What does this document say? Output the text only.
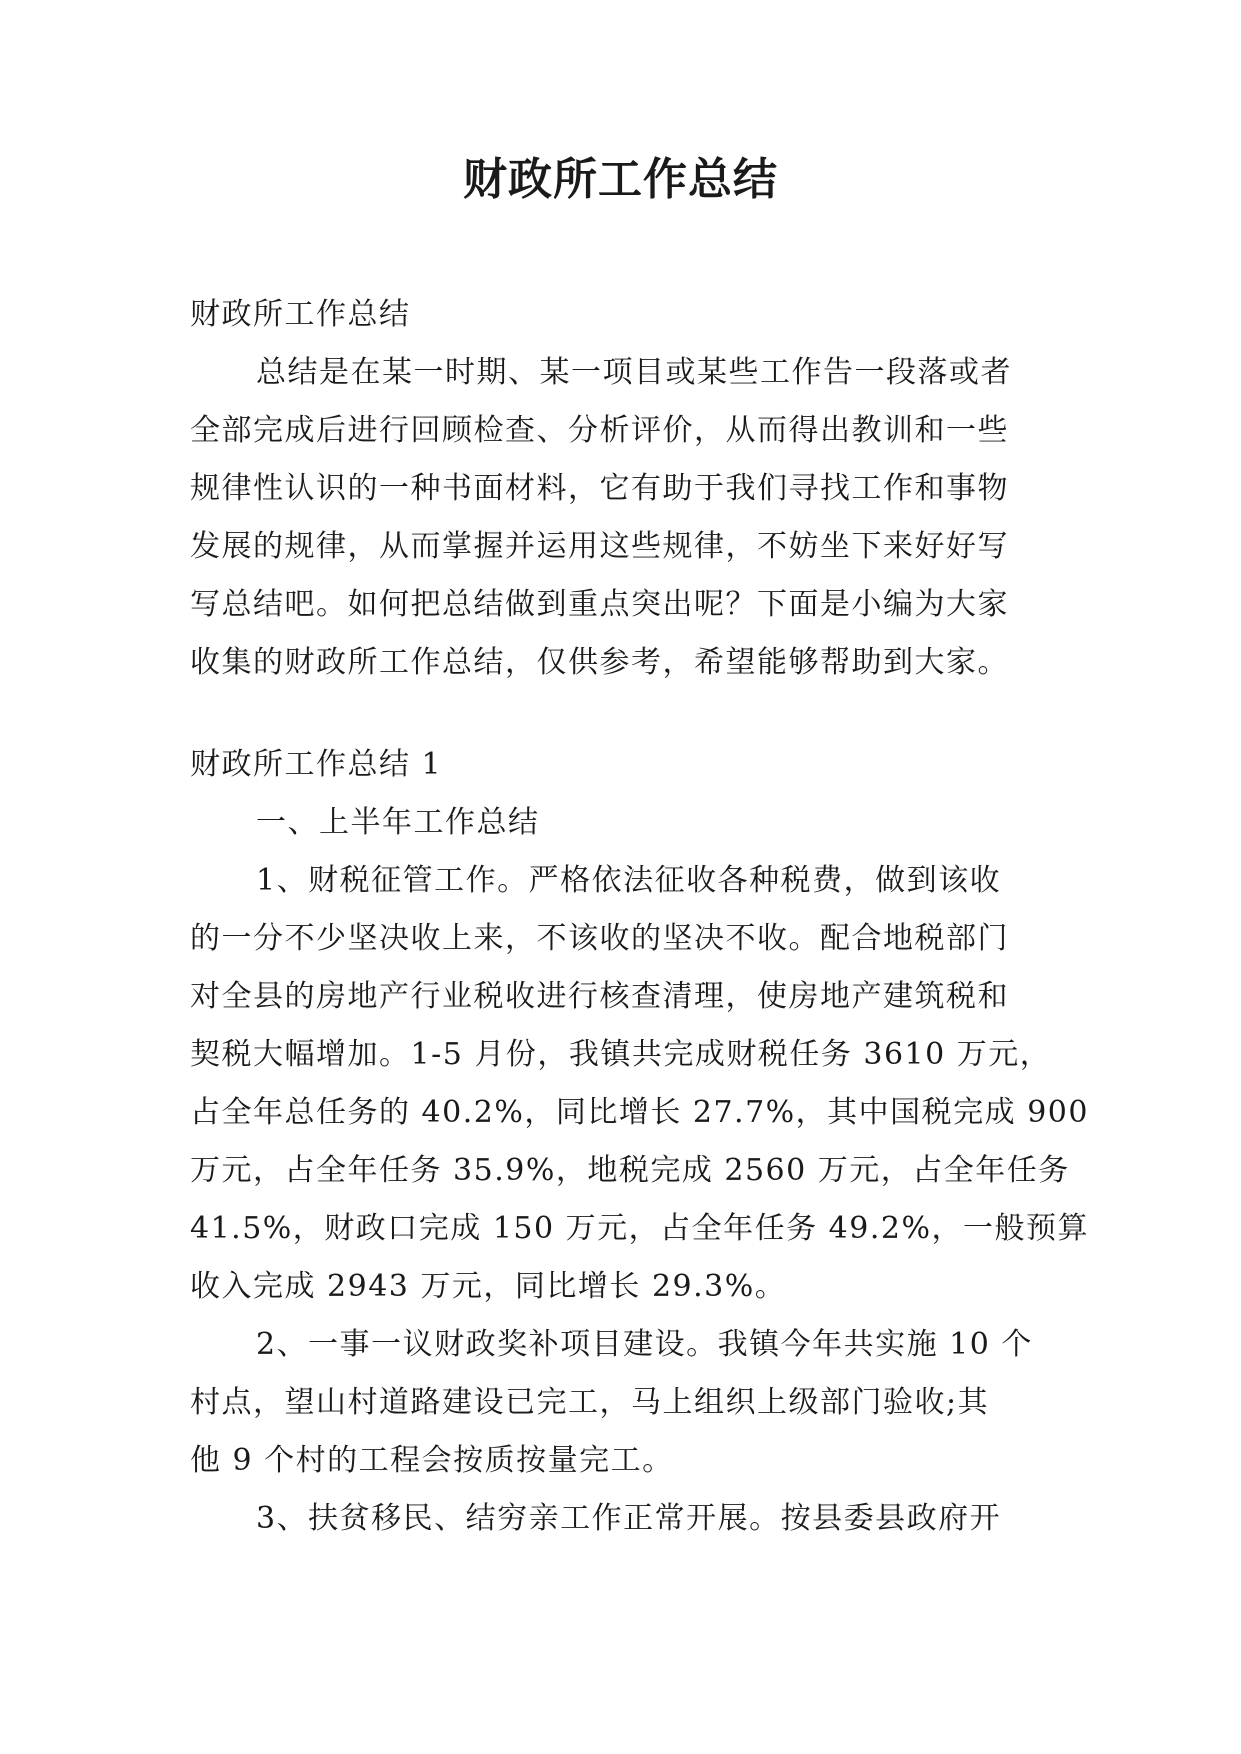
财政所工作总结
财政所工作总结
总结是在某一时期、某一项目或某些工作告一段落或者
全部完成后进行回顾检查、分析评价，从而得出教训和一些
规律性认识的一种书面材料，它有助于我们寻找工作和事物
发展的规律，从而掌握并运用这些规律，不妨坐下来好好写
写总结吧。如何把总结做到重点突出呢？下面是小编为大家
收集的财政所工作总结，仅供参考，希望能够帮助到大家。
财政所工作总结 1
一、上半年工作总结
1、财税征管工作。严格依法征收各种税费，做到该收
的一分不少坚决收上来，不该收的坚决不收。配合地税部门
对全县的房地产行业税收进行核查清理，使房地产建筑税和
契税大幅增加。1-5 月份，我镇共完成财税任务 3610 万元，
占全年总任务的 40.2%，同比增长 27.7%，其中国税完成 900
万元，占全年任务 35.9%，地税完成 2560 万元，占全年任务
41.5%，财政口完成 150 万元，占全年任务 49.2%，一般预算
收入完成 2943 万元，同比增长 29.3%。
2、一事一议财政奖补项目建设。我镇今年共实施 10 个
村点，望山村道路建设已完工，马上组织上级部门验收;其
他 9 个村的工程会按质按量完工。
3、扶贫移民、结穷亲工作正常开展。按县委县政府开
